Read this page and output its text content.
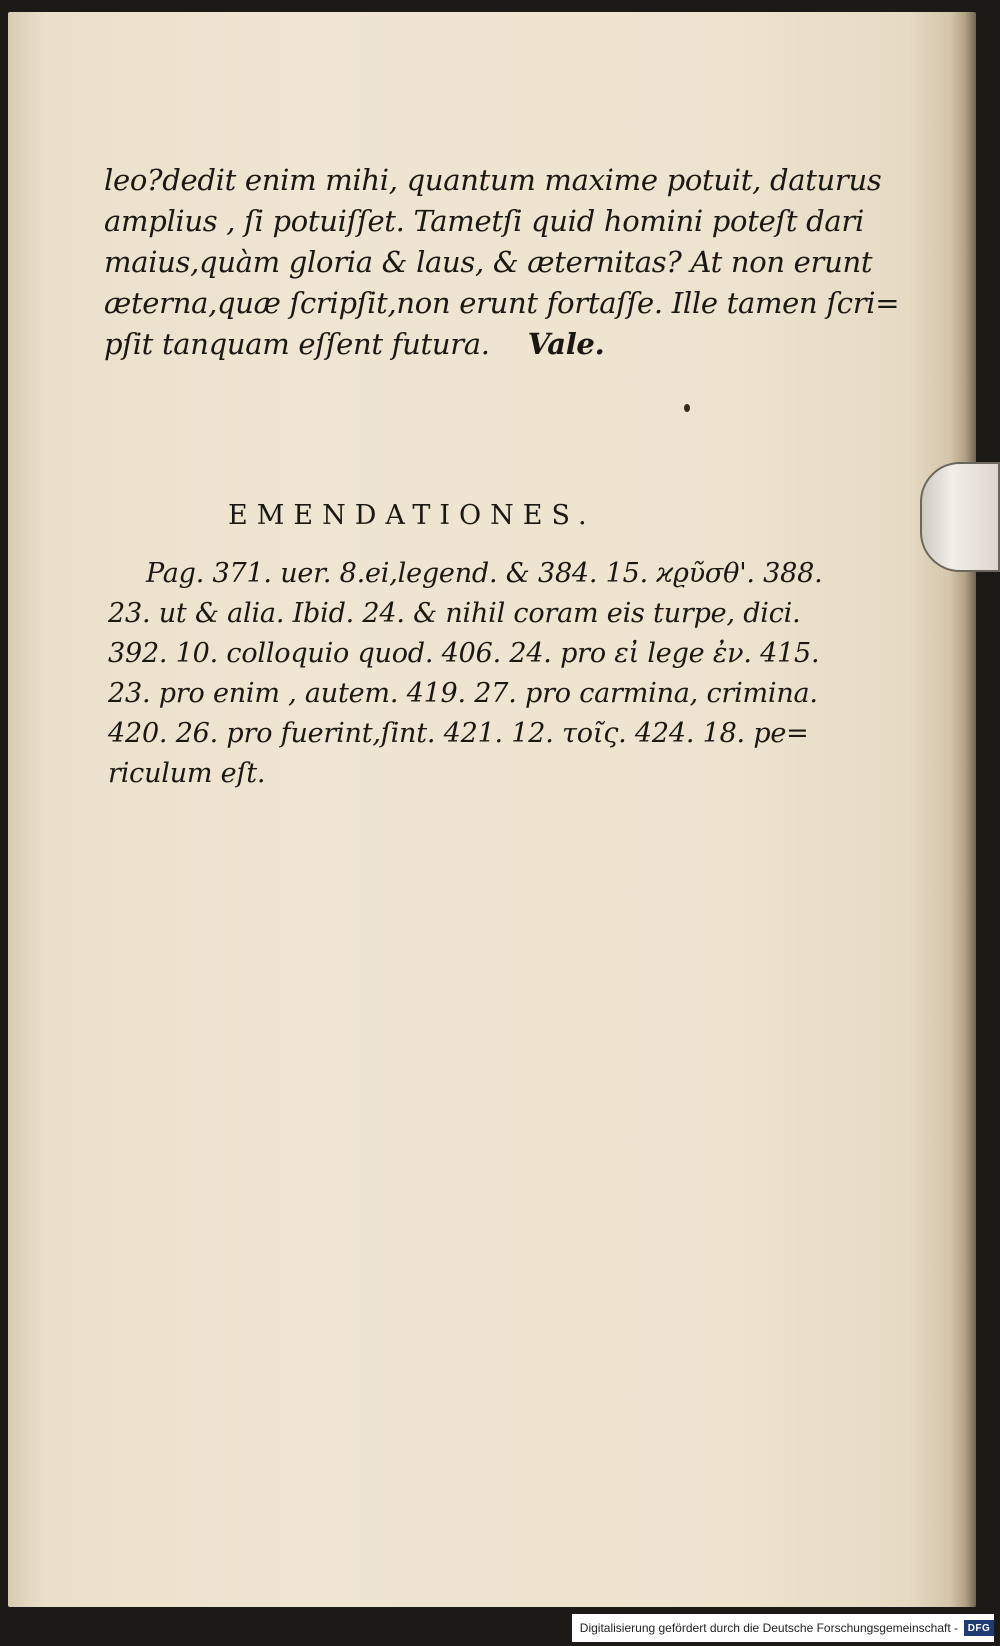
leo?dedit enim mihi, quantum maxime potuit, daturus
amplius , ſi potuiſſet. Tametſi quid homini poteſt dari
maius,quàm gloria & laus, & æternitas? At non erunt
æterna,quæ ſcripſit,non erunt fortaſſe. Ille tamen ſcri=
pſit tanquam eſſent futura. Vale.
EMENDATIONES.
Pag. 371. uer. 8.ei,legend. & 384. 15. ϰϱῦσθ'. 388.
23. ut & alia. Ibid. 24. & nihil coram eis turpe, dici.
392. 10. colloquio quod. 406. 24. pro εἰ lege ἐν. 415.
23. pro enim , autem. 419. 27. pro carmina, crimina.
420. 26. pro fuerint,ſint. 421. 12. τοῖς. 424. 18. pe=
riculum eſt.
Digitalisierung gefördert durch die Deutsche Forschungsgemeinschaft - DFG
